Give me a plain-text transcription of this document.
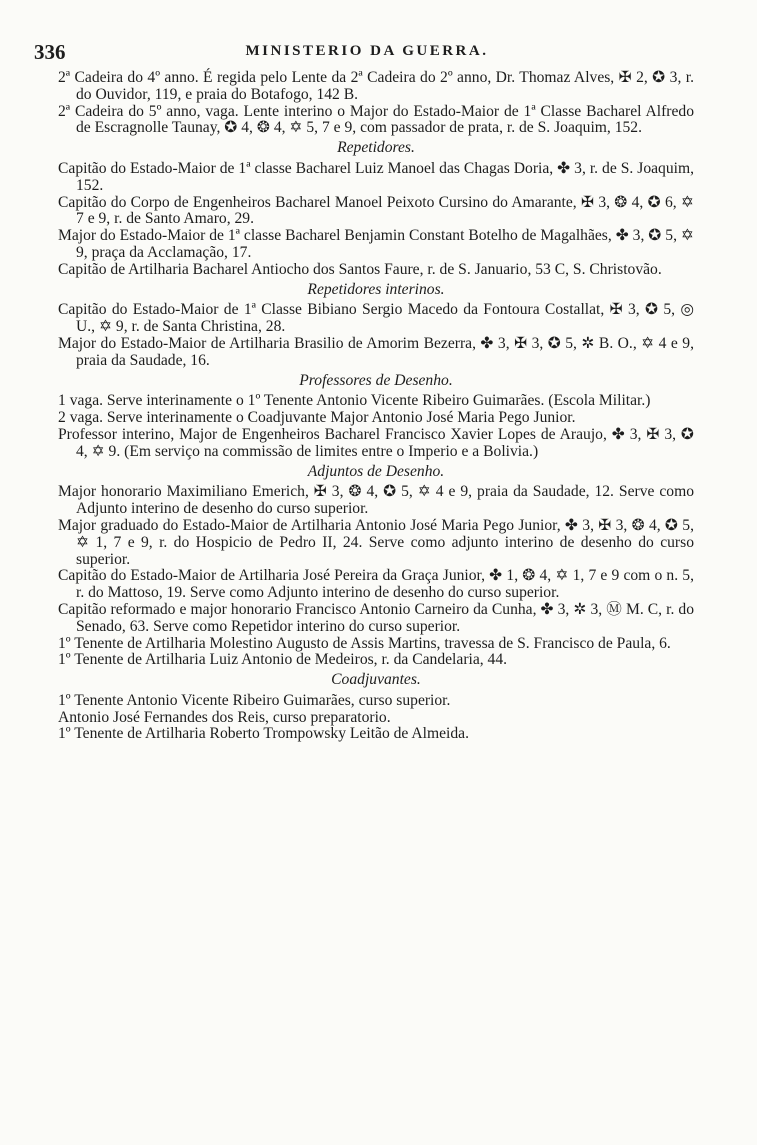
336	MINISTERIO DA GUERRA.

2ª Cadeira do 4º anno. É regida pelo Lente da 2ª Cadeira do 2º anno, Dr. Thomaz Alves, ✠ 2, ✪ 3, r. do Ouvidor, 119, e praia do Botafogo, 142 B.

2ª Cadeira do 5º anno, vaga. Lente interino o Major do Estado-Maior de 1ª Classe Bacharel Alfredo de Escragnolle Taunay, ✪ 4, ❂ 4, ✡ 5, 7 e 9, com passador de prata, r. de S. Joaquim, 152.

Repetidores.

Capitão do Estado-Maior de 1ª classe Bacharel Luiz Manoel das Chagas Doria, ✤ 3, r. de S. Joaquim, 152.

Capitão do Corpo de Engenheiros Bacharel Manoel Peixoto Cursino do Amarante, ✠ 3, ❂ 4, ✪ 6, ✡ 7 e 9, r. de Santo Amaro, 29.

Major do Estado-Maior de 1ª classe Bacharel Benjamin Constant Botelho de Magalhães, ✤ 3, ✪ 5, ✡ 9, praça da Acclamação, 17.

Capitão de Artilharia Bacharel Antiocho dos Santos Faure, r. de S. Januario, 53 C, S. Christovão.

Repetidores interinos.

Capitão do Estado-Maior de 1ª Classe Bibiano Sergio Macedo da Fontoura Costallat, ✠ 3, ✪ 5, ◎ U., ✡ 9, r. de Santa Christina, 28.

Major do Estado-Maior de Artilharia Brasilio de Amorim Bezerra, ✤ 3, ✠ 3, ✪ 5, ✲ B. O., ✡ 4 e 9, praia da Saudade, 16.

Professores de Desenho.

1 vaga. Serve interinamente o 1º Tenente Antonio Vicente Ribeiro Guimarães. (Escola Militar.)

2 vaga. Serve interinamente o Coadjuvante Major Antonio José Maria Pego Junior.

Professor interino, Major de Engenheiros Bacharel Francisco Xavier Lopes de Araujo, ✤ 3, ✠ 3, ✪ 4, ✡ 9. (Em serviço na commissão de limites entre o Imperio e a Bolivia.)

Adjuntos de Desenho.

Major honorario Maximiliano Emerich, ✠ 3, ❂ 4, ✪ 5, ✡ 4 e 9, praia da Saudade, 12. Serve como Adjunto interino de desenho do curso superior.

Major graduado do Estado-Maior de Artilharia Antonio José Maria Pego Junior, ✤ 3, ✠ 3, ❂ 4, ✪ 5, ✡ 1, 7 e 9, r. do Hospicio de Pedro II, 24. Serve como adjunto interino de desenho do curso superior.

Capitão do Estado-Maior de Artilharia José Pereira da Graça Junior, ✤ 1, ❂ 4, ✡ 1, 7 e 9 com o n. 5, r. do Mattoso, 19. Serve como Adjunto interino de desenho do curso superior.

Capitão reformado e major honorario Francisco Antonio Carneiro da Cunha, ✤ 3, ✲ 3, Ⓜ M. C, r. do Senado, 63. Serve como Repetidor interino do curso superior.

1º Tenente de Artilharia Molestino Augusto de Assis Martins, travessa de S. Francisco de Paula, 6.

1º Tenente de Artilharia Luiz Antonio de Medeiros, r. da Candelaria, 44.

Coadjuvantes.

1º Tenente Antonio Vicente Ribeiro Guimarães, curso superior.

Antonio José Fernandes dos Reis, curso preparatorio.

1º Tenente de Artilharia Roberto Trompowsky Leitão de Almeida.
